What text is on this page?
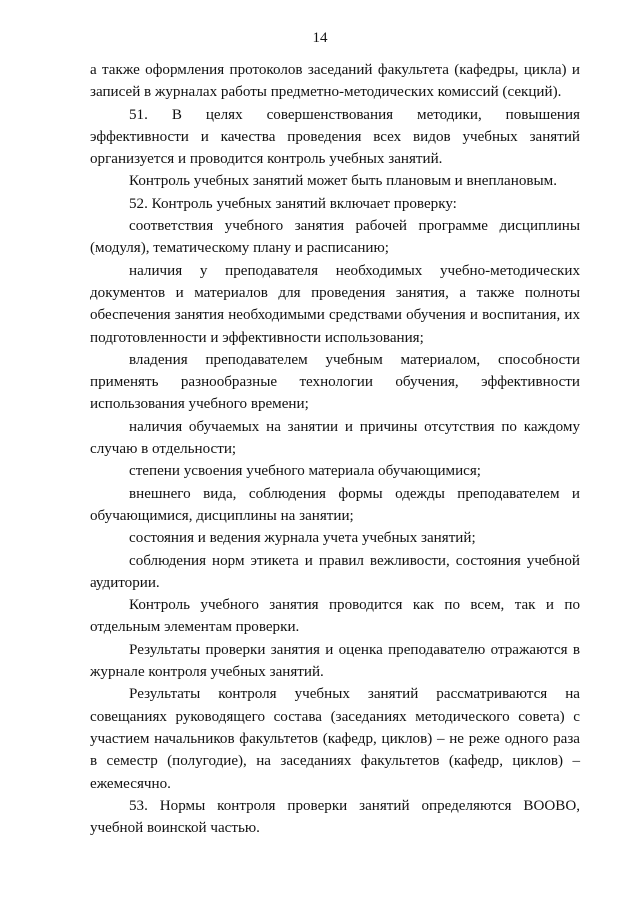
14

а также оформления протоколов заседаний факультета (кафедры, цикла) и записей в журналах работы предметно-методических комиссий (секций).

51. В целях совершенствования методики, повышения эффективности и качества проведения всех видов учебных занятий организуется и проводится контроль учебных занятий.

Контроль учебных занятий может быть плановым и внеплановым.

52. Контроль учебных занятий включает проверку:

соответствия учебного занятия рабочей программе дисциплины (модуля), тематическому плану и расписанию;

наличия у преподавателя необходимых учебно-методических документов и материалов для проведения занятия, а также полноты обеспечения занятия необходимыми средствами обучения и воспитания, их подготовленности и эффективности использования;

владения преподавателем учебным материалом, способности применять разнообразные технологии обучения, эффективности использования учебного времени;

наличия обучаемых на занятии и причины отсутствия по каждому случаю в отдельности;

степени усвоения учебного материала обучающимися;

внешнего вида, соблюдения формы одежды преподавателем и обучающимися, дисциплины на занятии;

состояния и ведения журнала учета учебных занятий;

соблюдения норм этикета и правил вежливости, состояния учебной аудитории.

Контроль учебного занятия проводится как по всем, так и по отдельным элементам проверки.

Результаты проверки занятия и оценка преподавателю отражаются в журнале контроля учебных занятий.

Результаты контроля учебных занятий рассматриваются на совещаниях руководящего состава (заседаниях методического совета) с участием начальников факультетов (кафедр, циклов) – не реже одного раза в семестр (полугодие), на заседаниях факультетов (кафедр, циклов) – ежемесячно.

53. Нормы контроля проверки занятий определяются ВООВО, учебной воинской частью.
